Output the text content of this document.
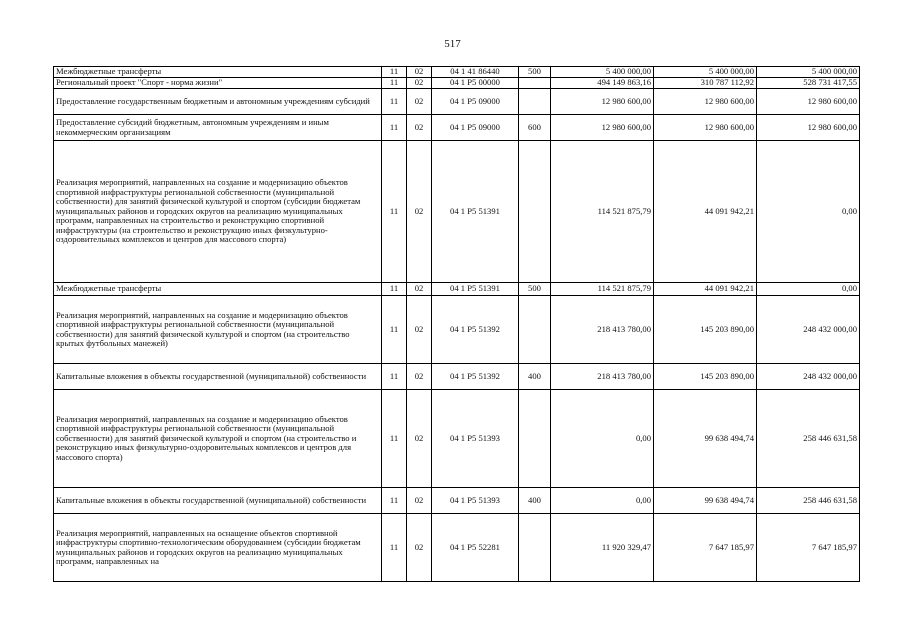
517
Межбюджетные трансферты	11	02	04 1 41 86440	500	5 400 000,00	5 400 000,00	5 400 000,00
Региональный проект "Спорт - норма жизни"	11	02	04 1 P5 00000		494 149 863,16	310 787 112,92	528 731 417,55
Предоставление государственным бюджетным и автономным учреждениям субсидий	11	02	04 1 P5 09000		12 980 600,00	12 980 600,00	12 980 600,00
Предоставление субсидий бюджетным, автономным учреждениям и иным некоммерческим организациям	11	02	04 1 P5 09000	600	12 980 600,00	12 980 600,00	12 980 600,00
Реализация мероприятий, направленных на создание и модернизацию объектов спортивной инфраструктуры региональной собственности (муниципальной собственности) для занятий физической культурой и спортом (субсидии бюджетам муниципальных районов и городских округов на реализацию муниципальных программ, направленных на строительство и реконструкцию спортивной инфраструктуры (на строительство и реконструкцию иных физкультурно-оздоровительных комплексов и центров для массового спорта)	11	02	04 1 P5 51391		114 521 875,79	44 091 942,21	0,00
Межбюджетные трансферты	11	02	04 1 P5 51391	500	114 521 875,79	44 091 942,21	0,00
Реализация мероприятий, направленных на создание и модернизацию объектов спортивной инфраструктуры региональной собственности (муниципальной собственности) для занятий физической культурой и спортом (на строительство крытых футбольных манежей)	11	02	04 1 P5 51392		218 413 780,00	145 203 890,00	248 432 000,00
Капитальные вложения в объекты государственной (муниципальной) собственности	11	02	04 1 P5 51392	400	218 413 780,00	145 203 890,00	248 432 000,00
Реализация мероприятий, направленных на создание и модернизацию объектов спортивной инфраструктуры региональной собственности (муниципальной собственности) для занятий физической культурой и спортом (на строительство и реконструкцию иных физкультурно-оздоровительных комплексов и центров для массового спорта)	11	02	04 1 P5 51393		0,00	99 638 494,74	258 446 631,58
Капитальные вложения в объекты государственной (муниципальной) собственности	11	02	04 1 P5 51393	400	0,00	99 638 494,74	258 446 631,58
Реализация мероприятий, направленных на оснащение объектов спортивной инфраструктуры спортивно-технологическим оборудованием (субсидии бюджетам муниципальных районов и городских округов на реализацию муниципальных программ, направленных на	11	02	04 1 P5 52281		11 920 329,47	7 647 185,97	7 647 185,97
